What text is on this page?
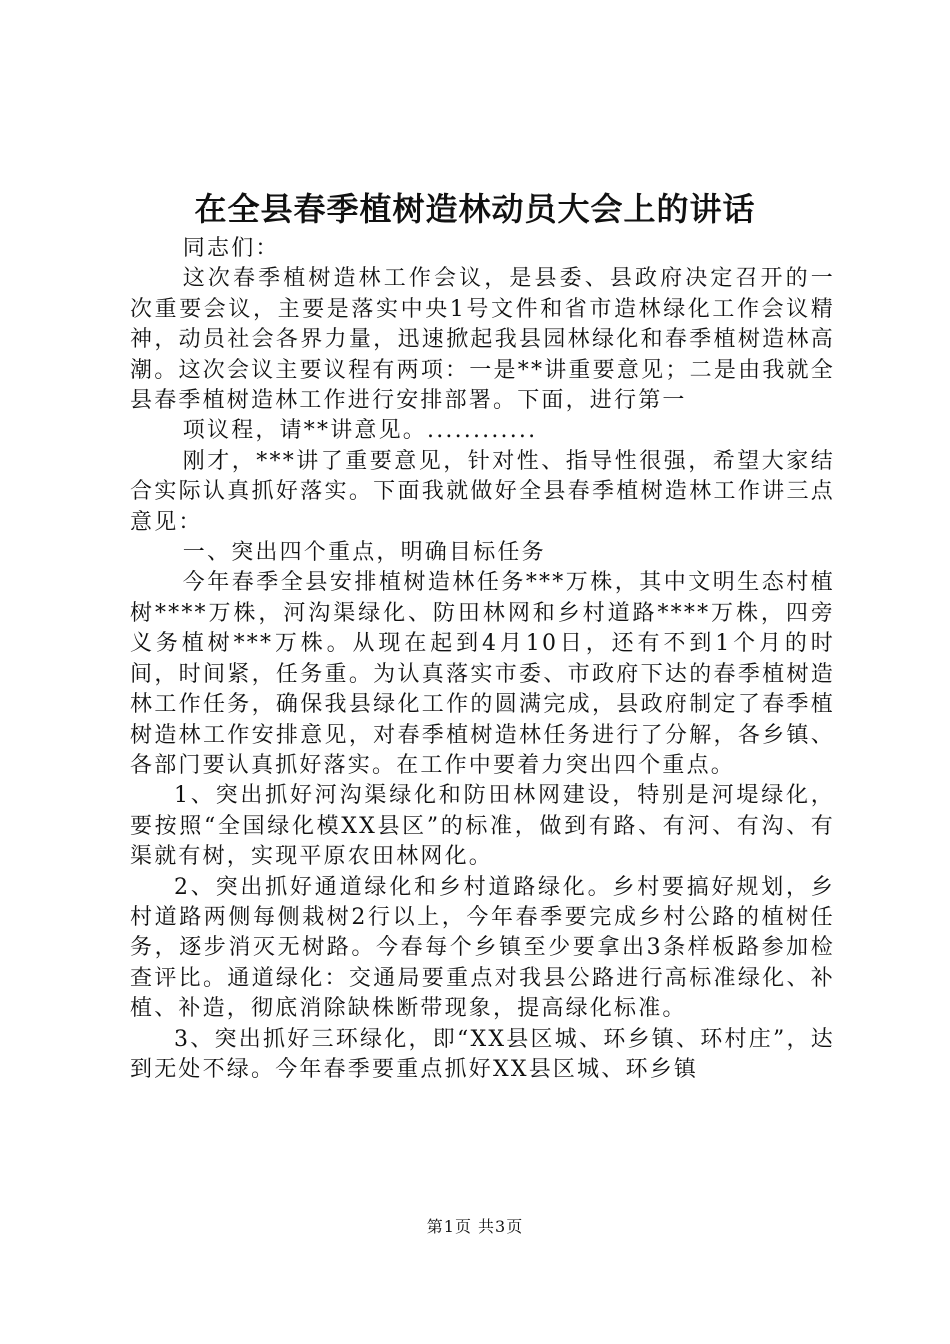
在全县春季植树造林动员大会上的讲话

同志们：

这次春季植树造林工作会议，是县委、县政府决定召开的一次重要会议，主要是落实中央1号文件和省市造林绿化工作会议精神，动员社会各界力量，迅速掀起我县园林绿化和春季植树造林高潮。这次会议主要议程有两项：一是**讲重要意见；二是由我就全县春季植树造林工作进行安排部署。下面，进行第一

项议程，请**讲意见。............

刚才，***讲了重要意见，针对性、指导性很强，希望大家结合实际认真抓好落实。下面我就做好全县春季植树造林工作讲三点意见：

一、突出四个重点，明确目标任务

今年春季全县安排植树造林任务***万株，其中文明生态村植树****万株，河沟渠绿化、防田林网和乡村道路****万株，四旁义务植树***万株。从现在起到4月10日，还有不到1个月的时间，时间紧，任务重。为认真落实市委、市政府下达的春季植树造林工作任务，确保我县绿化工作的圆满完成，县政府制定了春季植树造林工作安排意见，对春季植树造林任务进行了分解，各乡镇、各部门要认真抓好落实。在工作中要着力突出四个重点。

1、突出抓好河沟渠绿化和防田林网建设，特别是河堤绿化，要按照“全国绿化模XX县区”的标准，做到有路、有河、有沟、有渠就有树，实现平原农田林网化。

2、突出抓好通道绿化和乡村道路绿化。乡村要搞好规划，乡村道路两侧每侧栽树2行以上，今年春季要完成乡村公路的植树任务，逐步消灭无树路。今春每个乡镇至少要拿出3条样板路参加检查评比。通道绿化：交通局要重点对我县公路进行高标准绿化、补植、补造，彻底消除缺株断带现象，提高绿化标准。

3、突出抓好三环绿化，即“XX县区城、环乡镇、环村庄”，达到无处不绿。今年春季要重点抓好XX县区城、环乡镇

第1页 共3页
